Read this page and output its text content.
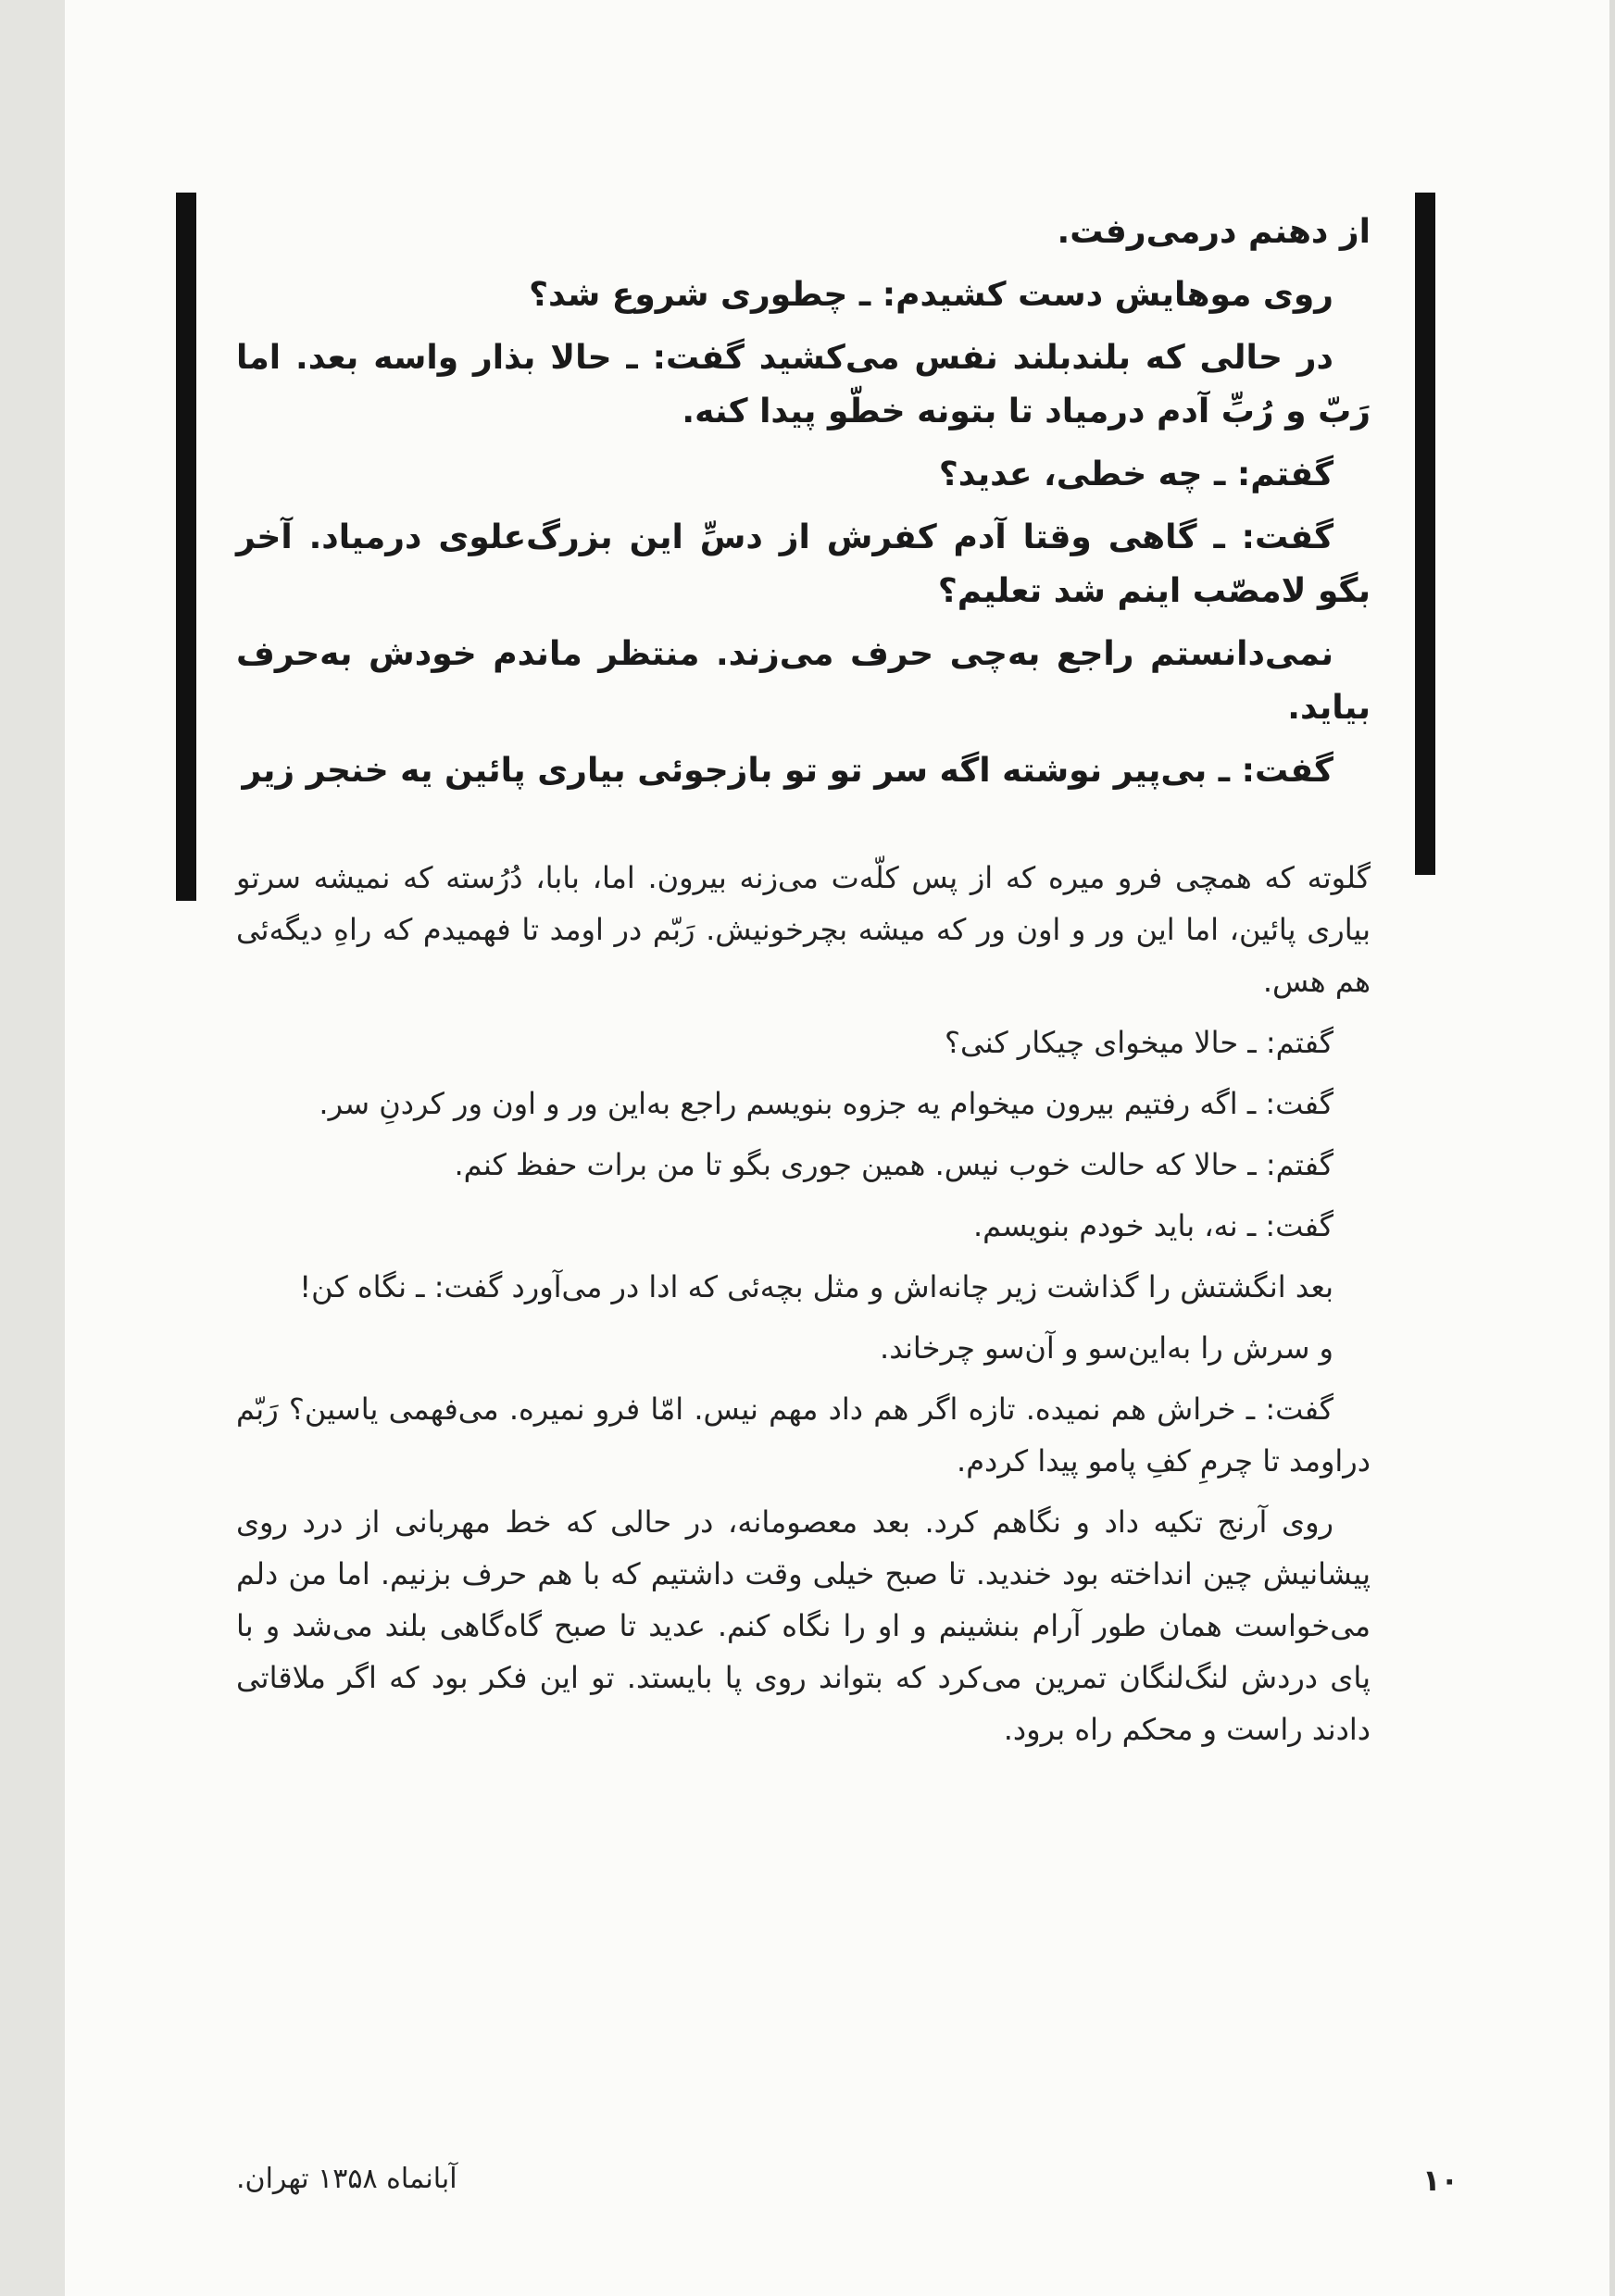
از دهنم درمی‌رفت.

روی موهایش دست کشیدم: ـ چطوری شروع شد؟

در حالی که بلندبلند نفس می‌کشید گفت: ـ حالا بذار واسه بعد. اما رَبّ و رُبِّ آدم درمیاد تا بتونه خطّو پیدا کنه.

گفتم: ـ چه خطی، عدید؟

گفت: ـ گاهی وقتا آدم کفرش از دسِّ این بزرگ‌علوی درمیاد. آخر بگو لامصّب اینم شد تعلیم؟

نمی‌دانستم راجع به‌چی حرف می‌زند. منتظر ماندم خودش به‌حرف بیاید.

گفت: ـ بی‌پیر نوشته اگه سر تو تو بازجوئی بیاری پائین یه خنجر زیر

گلوته که همچی فرو میره که از پس کلّه‌ت می‌زنه بیرون. اما، بابا، دُرُسته که نمیشه سرتو بیاری پائین، اما این ور و اون ور که میشه بچرخونیش. رَبّم در اومد تا فهمیدم که راهِ دیگه‌ئی هم هس.

گفتم: ـ حالا میخوای چیکار کنی؟

گفت: ـ اگه رفتیم بیرون میخوام یه جزوه بنویسم راجع به‌این ور و اون ور کردنِ سر.

گفتم: ـ حالا که حالت خوب نیس. همین جوری بگو تا من برات حفظ کنم.

گفت: ـ نه، باید خودم بنویسم.

بعد انگشتش را گذاشت زیر چانه‌اش و مثل بچه‌ئی که ادا در می‌آورد گفت: ـ نگاه کن!

و سرش را به‌این‌سو و آن‌سو چرخاند.

گفت: ـ خراش هم نمیده. تازه اگر هم داد مهم نیس. امّا فرو نمیره. می‌فهمی یاسین؟ رَبّم دراومد تا چرمِ کفِ پامو پیدا کردم.

روی آرنج تکیه داد و نگاهم کرد. بعد معصومانه، در حالی که خط مهربانی از درد روی پیشانیش چین انداخته بود خندید. تا صبح خیلی وقت داشتیم که با هم حرف بزنیم. اما من دلم می‌خواست همان طور آرام بنشینم و او را نگاه کنم. عدید تا صبح گاه‌گاهی بلند می‌شد و با پای دردش لنگ‌لنگان تمرین می‌کرد که بتواند روی پا بایستد. تو این فکر بود که اگر ملاقاتی دادند راست و محکم راه برود.

۱۰
آبانماه ۱۳۵۸ تهران.
